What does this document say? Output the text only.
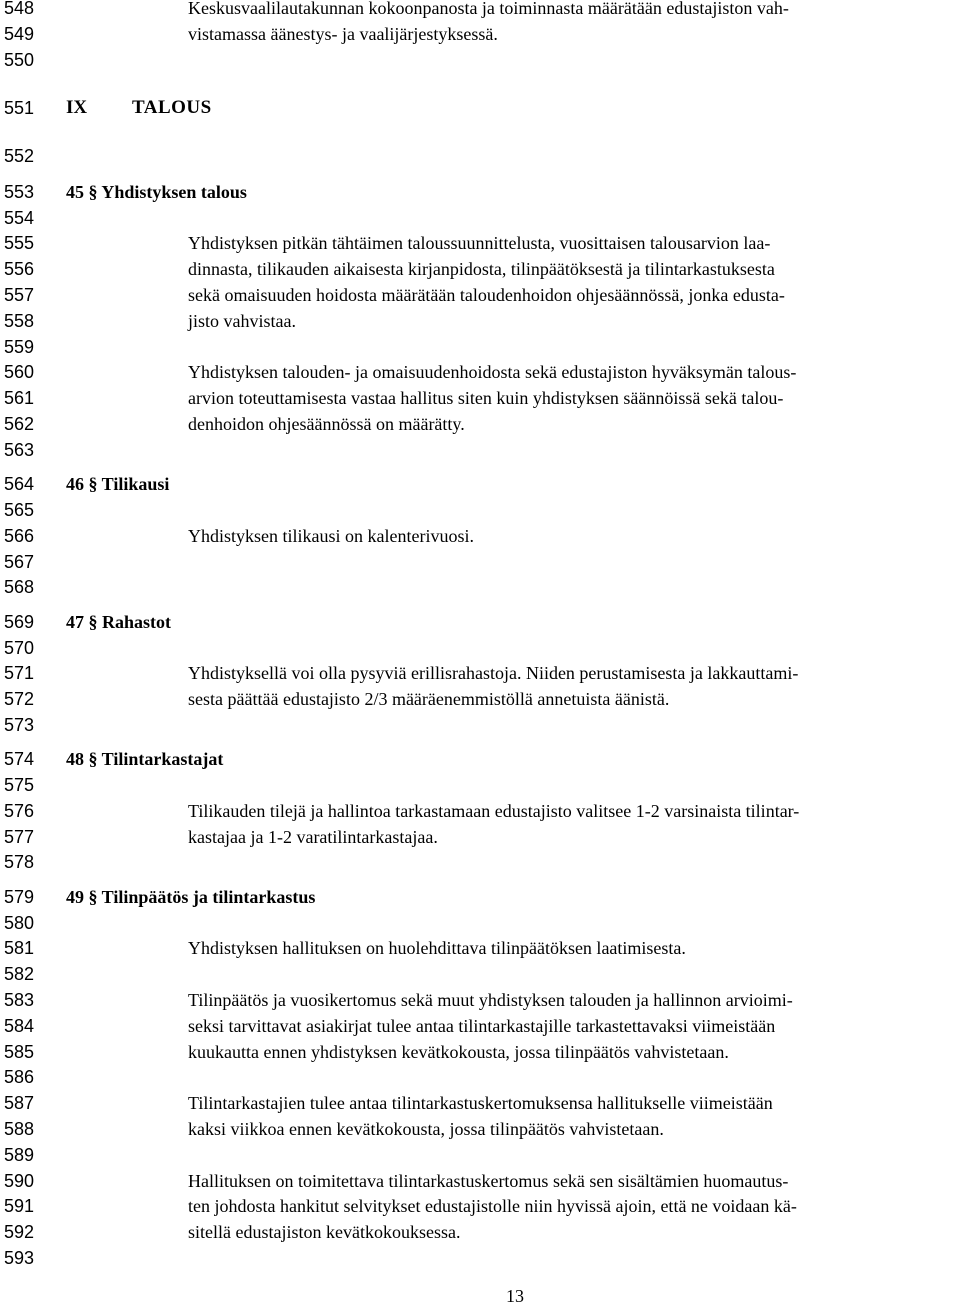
548
549
550
551
552
553
554
555
556
557
558
559
560
561
562
563
564
565
566
567
568
569
570
571
572
573
574
575
576
577
578
579
580
581
582
583
584
585
586
587
588
589
590
591
592
593
Keskusvaalilautakunnan kokoonpanosta ja toiminnasta määrätään edustajiston vah-
vistamassa äänestys- ja vaalijärjestyksessä.
IX TALOUS
45 § Yhdistyksen talous
Yhdistyksen pitkän tähtäimen taloussuunnittelusta, vuosittaisen talousarvion laa-
dinnasta, tilikauden aikaisesta kirjanpidosta, tilinpäätöksestä ja tilintarkastuksesta
sekä omaisuuden hoidosta määrätään taloudenhoidon ohjesäännössä, jonka edusta-
jisto vahvistaa.
Yhdistyksen talouden- ja omaisuudenhoidosta sekä edustajiston hyväksymän talous-
arvion toteuttamisesta vastaa hallitus siten kuin yhdistyksen säännöissä sekä talou-
denhoidon ohjesäännössä on määrätty.
46 § Tilikausi
Yhdistyksen tilikausi on kalenterivuosi.
47 § Rahastot
Yhdistyksellä voi olla pysyviä erillisrahastoja. Niiden perustamisesta ja lakkauttami-
sesta päättää edustajisto 2/3 määräenemmistöllä annetuista äänistä.
48 § Tilintarkastajat
Tilikauden tilejä ja hallintoa tarkastamaan edustajisto valitsee 1-2 varsinaista tilintar-
kastajaa ja 1-2 varatilintarkastajaa.
49 § Tilinpäätös ja tilintarkastus
Yhdistyksen hallituksen on huolehdittava tilinpäätöksen laatimisesta.
Tilinpäätös ja vuosikertomus sekä muut yhdistyksen talouden ja hallinnon arvioimi-
seksi tarvittavat asiakirjat tulee antaa tilintarkastajille tarkastettavaksi viimeistään
kuukautta ennen yhdistyksen kevätkokousta, jossa tilinpäätös vahvistetaan.
Tilintarkastajien tulee antaa tilintarkastuskertomuksensa hallitukselle viimeistään
kaksi viikkoa ennen kevätkokousta, jossa tilinpäätös vahvistetaan.
Hallituksen on toimitettava tilintarkastuskertomus sekä sen sisältämien huomautus-
ten johdosta hankitut selvitykset edustajistolle niin hyvissä ajoin, että ne voidaan kä-
sitellä edustajiston kevätkokouksessa.
13
